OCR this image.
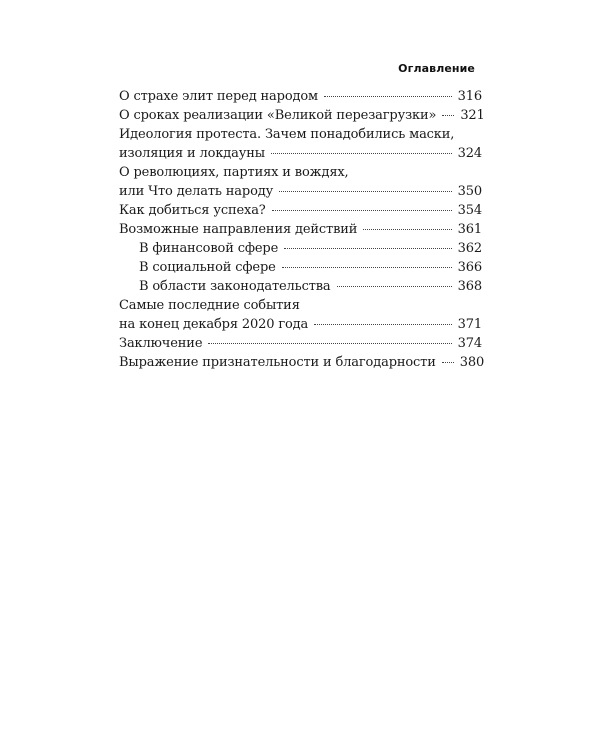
Оглавление
О страхе элит перед народом	316
О сроках реализации «Великой перезагрузки» 321
Идеология протеста. Зачем понадобились маски,
изоляция и локдауны	324
О революциях, партиях и вождях,
или Что делать народу	350
Как добиться успеха?	354
Возможные направления действий	361
В финансовой сфере	362
В социальной сфере	366
В области законодательства	368
Самые последние события
на конец декабря 2020 года	371
Заключение	374
Выражение признательности и благодарности 380
